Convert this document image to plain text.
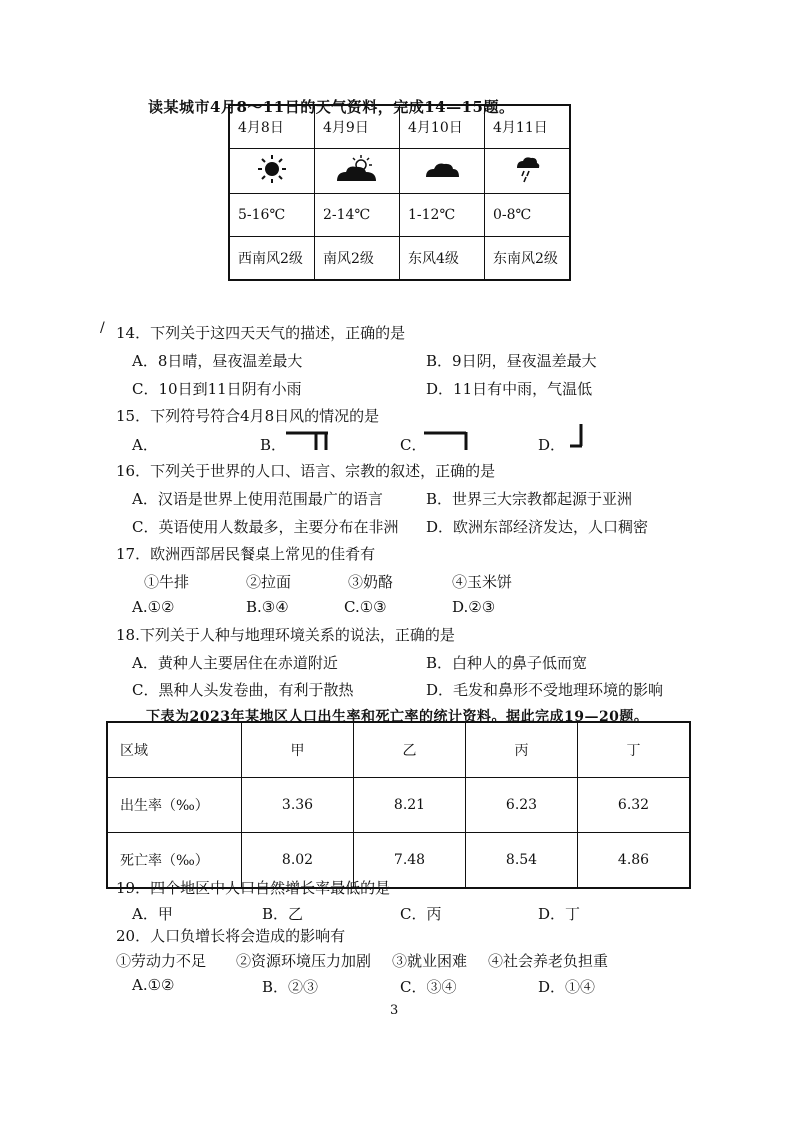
读某城市4月8～11日的天气资料，完成14—15题。
4月8日	4月9日	4月10日	4月11日

5-16℃	2-14℃	1-12℃	0-8℃
西南风2级	南风2级	东风4级	东南风2级
/ 14．下列关于这四天天气的描述，正确的是
A．8日晴，昼夜温差最大	B．9日阴，昼夜温差最大
C．10日到11日阴有小雨	D．11日有中雨，气温低
15．下列符号符合4月8日风的情况的是
A．	B．	C．	D．
16．下列关于世界的人口、语言、宗教的叙述，正确的是
A．汉语是世界上使用范围最广的语言	B．世界三大宗教都起源于亚洲
C．英语使用人数最多，主要分布在非洲 D．欧洲东部经济发达，人口稠密
17．欧洲西部居民餐桌上常见的佳肴有
①牛排	②拉面	③奶酪	④玉米饼
A.①②	B.③④	C.①③	D.②③
18.下列关于人种与地理环境关系的说法，正确的是
A．黄种人主要居住在赤道附近	B．白种人的鼻子低而宽
C．黑种人头发卷曲，有利于散热	D．毛发和鼻形不受地理环境的影响
下表为2023年某地区人口出生率和死亡率的统计资料。据此完成19—20题。
区域	甲	乙	丙	丁
出生率（‰）	3.36	8.21	6.23	6.32
死亡率（‰）	8.02	7.48	8.54	4.86
19．四个地区中人口自然增长率最低的是
A．甲	B．乙	C．丙	D．丁
20．人口负增长将会造成的影响有
①劳动力不足 ②资源环境压力加剧 ③就业困难 ④社会养老负担重
A.①②	B．②③	C．③④	D．①④
3
